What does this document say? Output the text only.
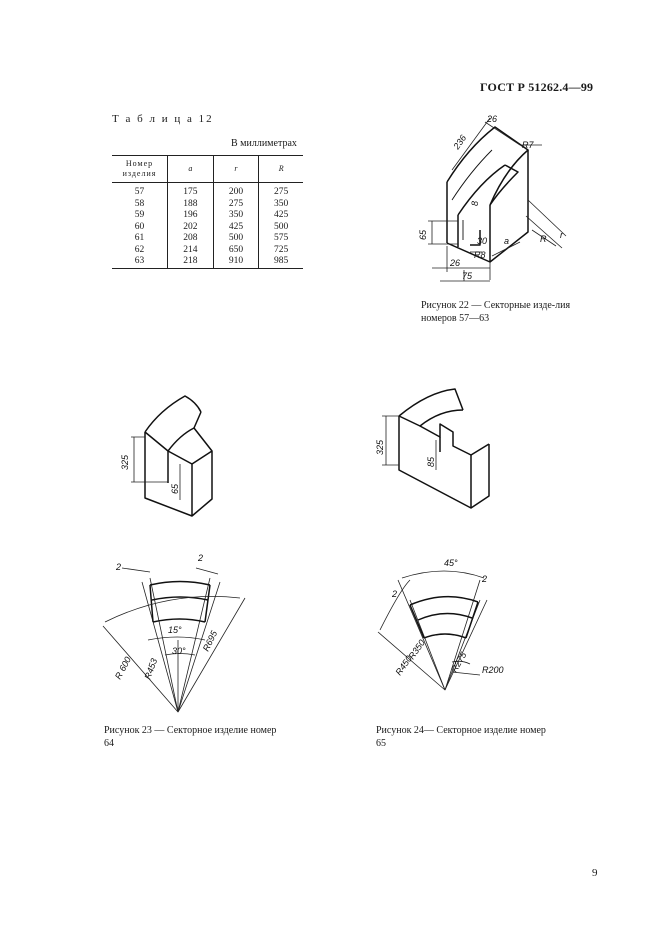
ГОСТ Р 51262.4—99
Т а б л и ц а 12
В миллиметрах
Номер изделия	a	r	R
57	175	200	275
58	188	275	350
59	196	350	425
60	202	425	500
61	208	500	575
62	214	650	725
63	218	910	985
236
26
R7
65
8
30
R8
26
75
a	R r
325
65
325
85
2
2
R 600 R453
R695
15°
30°
45°
2
2
R350
R450	R275 R200
Рисунок 22 — Секторные изде-лия номеров 57—63
Рисунок 23 — Секторное изделие номер 64
Рисунок 24— Секторное изделие номер 65
9
